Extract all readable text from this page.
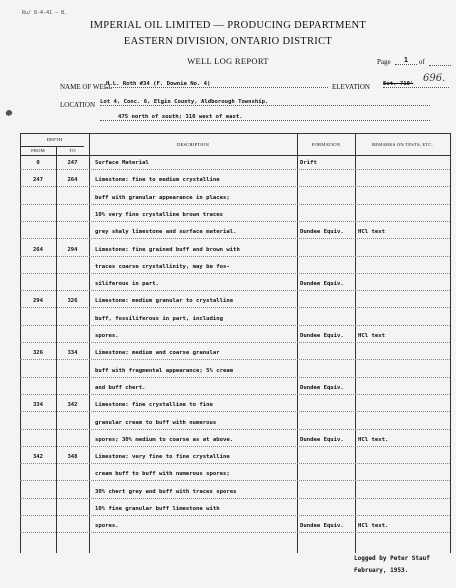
Ru/ 8-4-41 – B.
IMPERIAL OIL LIMITED — PRODUCING DEPARTMENT
EASTERN DIVISION, ONTARIO DISTRICT
WELL LOG REPORT	Page	1	of
NAME OF WELL
H.L. Roth #34 (F. Downie No. 4)	ELEVATION Est. 710' 696.
LOCATION Lot 4, Conc. 6, Elgin County, Aldborough Township.
475 north of south; 310 west of east.
DEPTH
FROM	TO
DESCRIPTION	FORMATION	REMARKS ON TESTS, ETC.
0	247	Surface Material	Drift
247	264	Limestone: fine to medium crystalline
buff with granular appearance in places;
10% very fine crystalline brown traces
grey shaly limestone and surface material.	Dundee Equiv.	HCl test
264	294	Limestone: fine grained buff and brown with
traces coarse crystallinity, may be fos-
siliferous in part.	Dundee Equiv.
294	326	Limestone: medium granular to crystalline
buff, fossiliferous in part, including
spores.	Dundee Equiv.	HCl test
326	334	Limestone: medium and coarse granular
buff with fragmental appearance; 5% cream
and buff chert.	Dundee Equiv.
334	342	Limestone: fine crystalline to fine
granular cream to buff with numerous
spores; 30% medium to coarse as at above.	Dundee Equiv.	HCl test.
342	348	Limestone: very fine to fine crystalline
cream buff to buff with numerous spores;
30% chert grey and buff with traces spores
10% fine granular buff limestone with
spores.	Dundee Equiv.	HCl test.
Logged by Peter Stauf
February, 1953.
